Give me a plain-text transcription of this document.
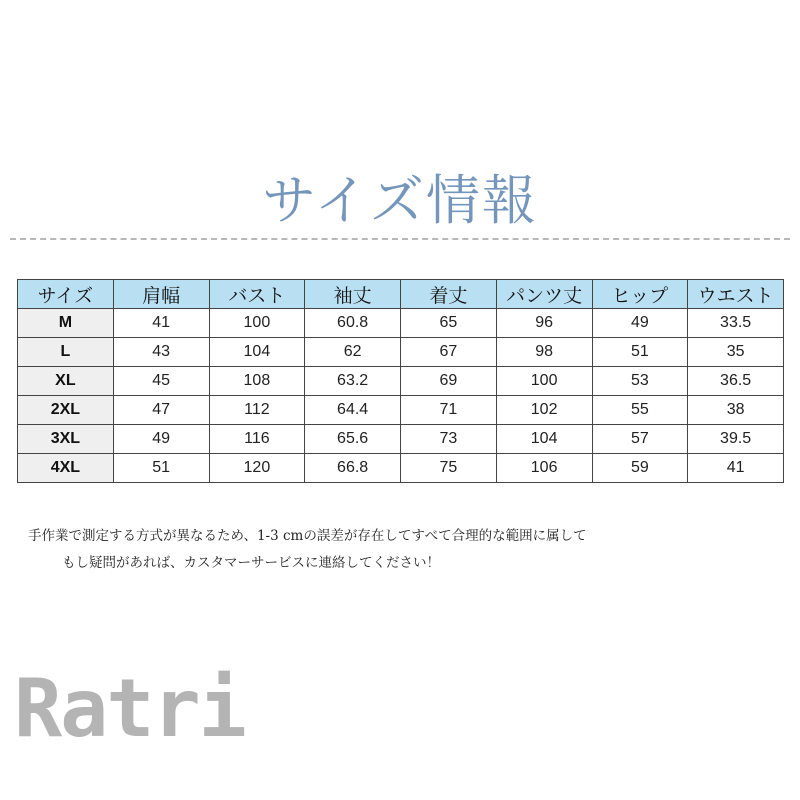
サイズ情報
サイズ	肩幅	バスト	袖丈	着丈	パンツ丈	ヒップ	ウエスト
M	41	100	60.8	65	96	49	33.5
L	43	104	62	67	98	51	35
XL	45	108	63.2	69	100	53	36.5
2XL	47	112	64.4	71	102	55	38
3XL	49	116	65.6	73	104	57	39.5
4XL	51	120	66.8	75	106	59	41
手作業で測定する方式が異なるため、1-3 cmの誤差が存在してすべて合理的な範囲に属して
もし疑問があれば、カスタマーサービスに連絡してください！
Ratri
